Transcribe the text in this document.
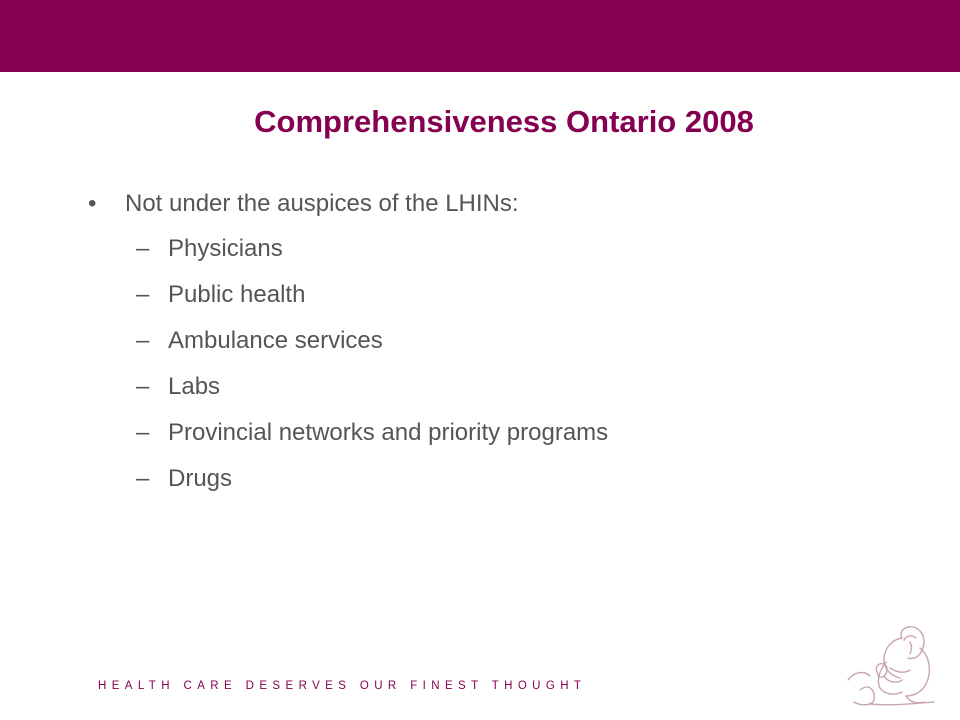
Comprehensiveness Ontario 2008
•	Not under the auspices of the LHINs:
– Physicians
– Public health
– Ambulance services
– Labs
– Provincial networks and priority programs
– Drugs
HEALTH CARE DESERVES OUR FINEST THOUGHT
